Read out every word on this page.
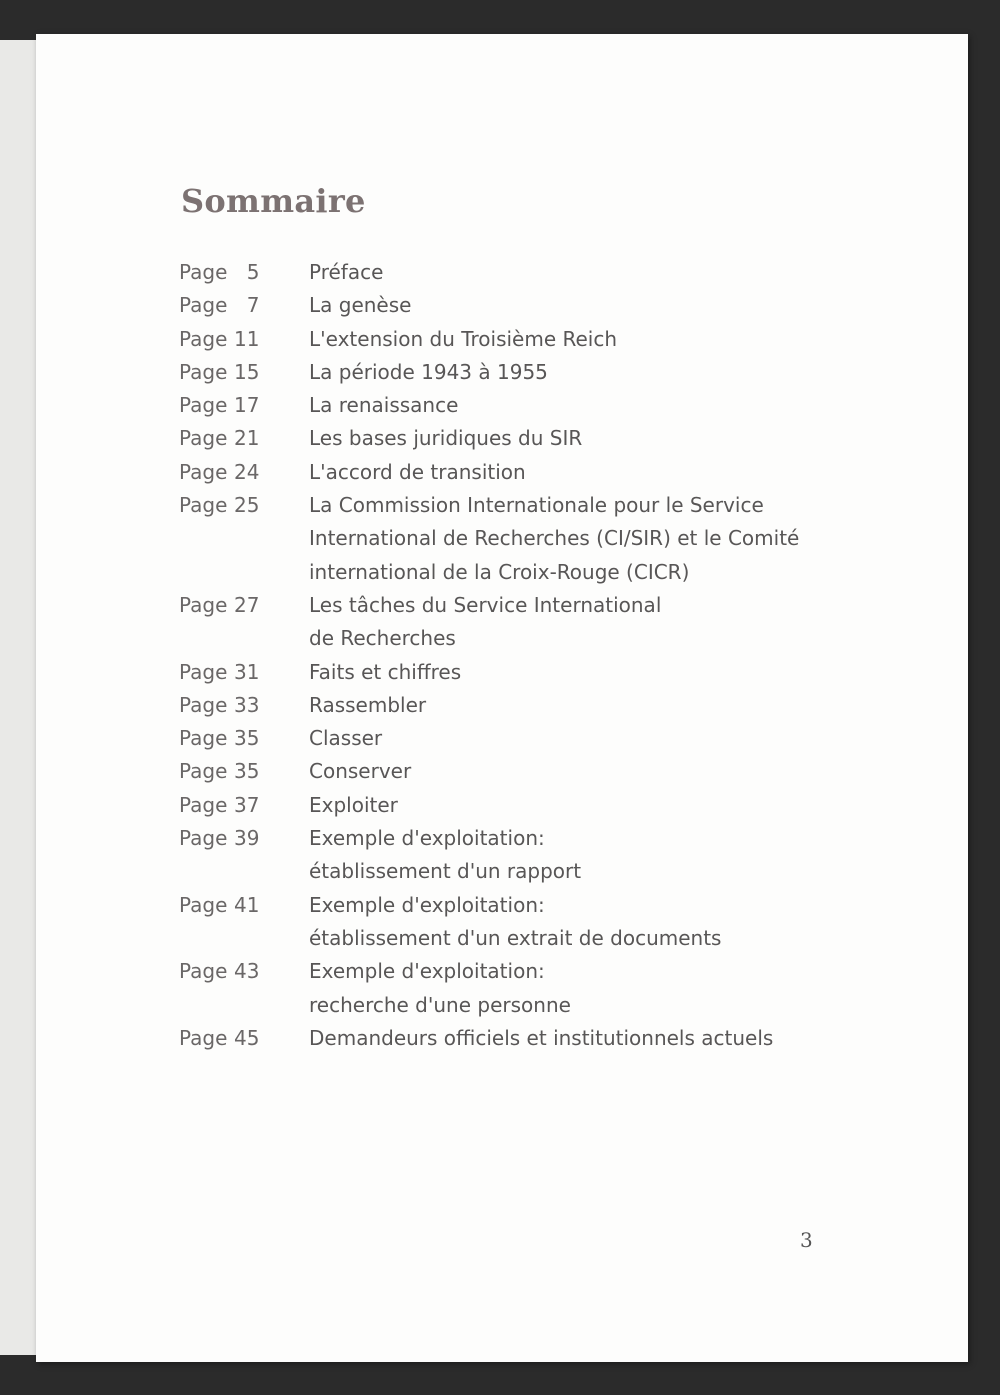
Sommaire
Page 5	Préface
Page 7	La genèse
Page 11	L'extension du Troisième Reich
Page 15	La période 1943 à 1955
Page 17	La renaissance
Page 21	Les bases juridiques du SIR
Page 24	L'accord de transition
Page 25	La Commission Internationale pour le Service
International de Recherches (CI/SIR) et le Comité
international de la Croix-Rouge (CICR)
Page 27	Les tâches du Service International
de Recherches
Page 31	Faits et chiffres
Page 33	Rassembler
Page 35	Classer
Page 35	Conserver
Page 37	Exploiter
Page 39	Exemple d'exploitation:
établissement d'un rapport
Page 41	Exemple d'exploitation:
établissement d'un extrait de documents
Page 43	Exemple d'exploitation:
recherche d'une personne
Page 45	Demandeurs officiels et institutionnels actuels
3
